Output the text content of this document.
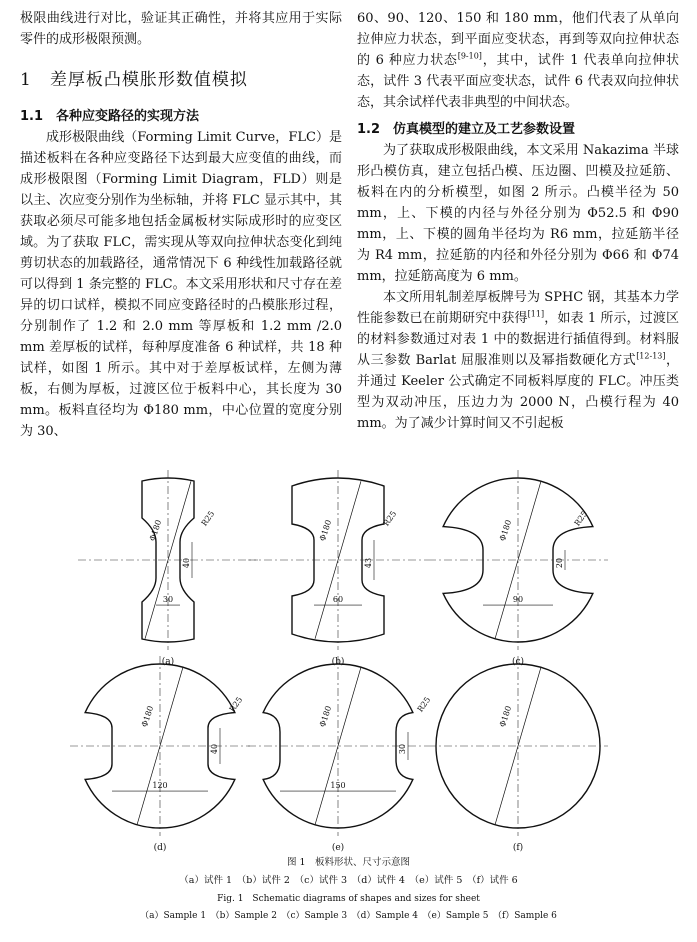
极限曲线进行对比，验证其正确性，并将其应用于实际零件的成形极限预测。

1　 差厚板凸模胀形数值模拟

1.1　 各种应变路径的实现方法

成形极限曲线（Forming Limit Curve，FLC）是描述板料在各种应变路径下达到最大应变值的曲线，而成形极限图（Forming Limit Diagram，FLD）则是以主、次应变分别作为坐标轴，并将 FLC 显示其中，其获取必须尽可能多地包括金属板材实际成形时的应变区域。为了获取 FLC，需实现从等双向拉伸状态变化到纯剪切状态的加载路径，通常情况下 6 种线性加载路径就可以得到 1 条完整的 FLC。本文采用形状和尺寸存在差异的切口试样，模拟不同应变路径时的凸模胀形过程，分别制作了 1.2 和 2.0 mm 等厚板和 1.2 mm /2.0 mm 差厚板的试样，每种厚度准备 6 种试样，共 18 种试样，如图 1 所示。其中对于差厚板试样，左侧为薄板，右侧为厚板，过渡区位于板料中心，其长度为 30 mm。板料直径均为 Φ180 mm，中心位置的宽度分别为 30、

60、90、120、150 和 180 mm，他们代表了从单向拉伸应力状态，到平面应变状态，再到等双向拉伸状态的 6 种应力状态[9-10]，其中，试件 1 代表单向拉伸状态，试件 3 代表平面应变状态，试件 6 代表双向拉伸状态，其余试样代表非典型的中间状态。

1.2　 仿真模型的建立及工艺参数设置

为了获取成形极限曲线，本文采用 Nakazima 半球形凸模仿真，建立包括凸模、压边圈、凹模及拉延筋、板料在内的分析模型，如图 2 所示。凸模半径为 50 mm，上、下模的内径与外径分别为 Φ52.5 和 Φ90 mm，上、下模的圆角半径均为 R6 mm，拉延筋半径为 R4 mm，拉延筋的内径和外径分别为 Φ66 和 Φ74 mm，拉延筋高度为 6 mm。

本文所用轧制差厚板牌号为 SPHC 钢，其基本力学性能参数已在前期研究中获得[11]，如表 1 所示，过渡区的材料参数通过对表 1 中的数据进行插值得到。材料服从三参数 Barlat 屈服准则以及幂指数硬化方式[12-13]，并通过 Keeler 公式确定不同板料厚度的 FLC。冲压类型为双动冲压，压边力为 2000 N，凸模行程为 40 mm。为了减少计算时间又不引起板

Φ180
R25
30
40
(a)
Φ180
R25
60
43
(b)
Φ180
R25
90
20
(c)
Φ180
R25
120
40
(d)
Φ180
R25
150
30
(e)
Φ180
(f)
图 1　板料形状、尺寸示意图
（a）试件 1　（b）试件 2　（c）试件 3　（d）试件 4　（e）试件 5　（f）试件 6
Fig. 1　Schematic diagrams of shapes and sizes for sheet
（a）Sample 1　（b）Sample 2　（c）Sample 3　（d）Sample 4　（e）Sample 5　（f）Sample 6
